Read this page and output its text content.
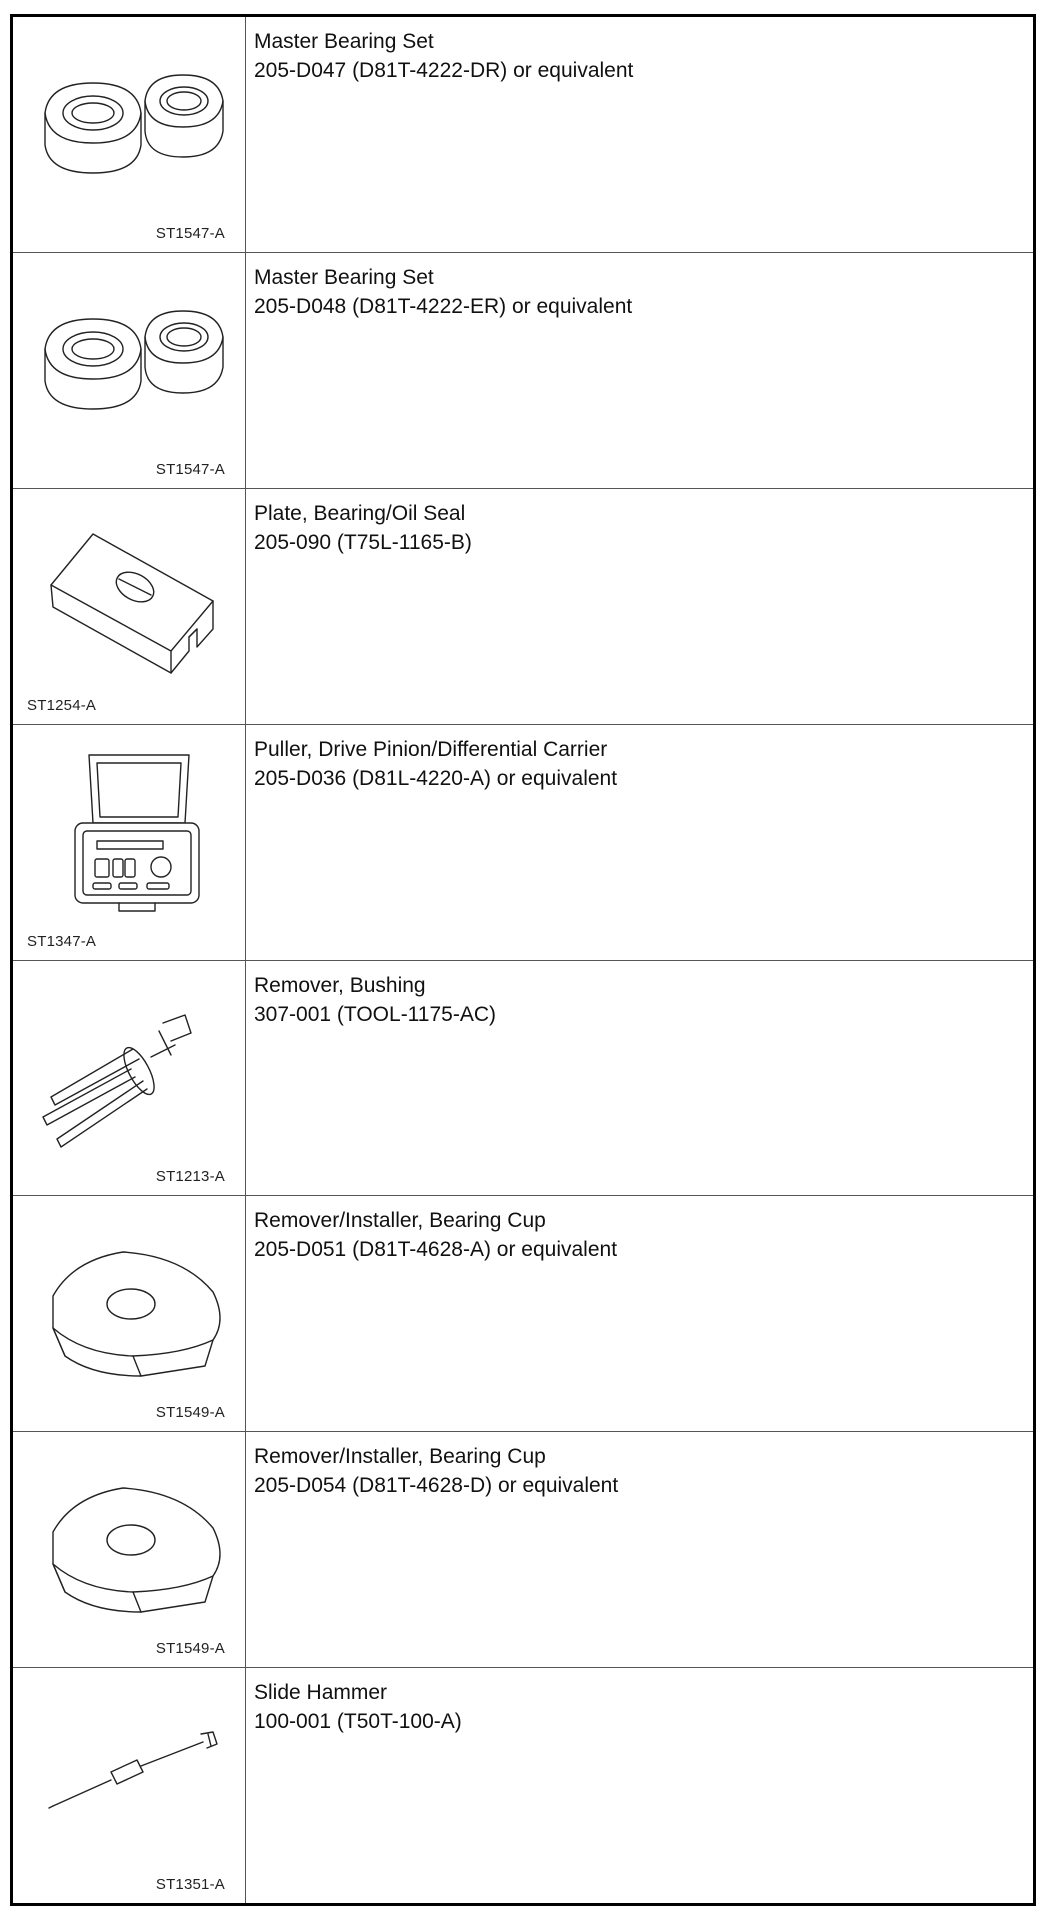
ST1547-A
Master Bearing Set
205-D047 (D81T-4222-DR) or equivalent
ST1547-A
Master Bearing Set
205-D048 (D81T-4222-ER) or equivalent
ST1254-A
Plate, Bearing/Oil Seal
205-090 (T75L-1165-B)
ST1347-A
Puller, Drive Pinion/Differential Carrier
205-D036 (D81L-4220-A) or equivalent
ST1213-A
Remover, Bushing
307-001 (TOOL-1175-AC)
ST1549-A
Remover/Installer, Bearing Cup
205-D051 (D81T-4628-A) or equivalent
ST1549-A
Remover/Installer, Bearing Cup
205-D054 (D81T-4628-D) or equivalent
ST1351-A
Slide Hammer
100-001 (T50T-100-A)
